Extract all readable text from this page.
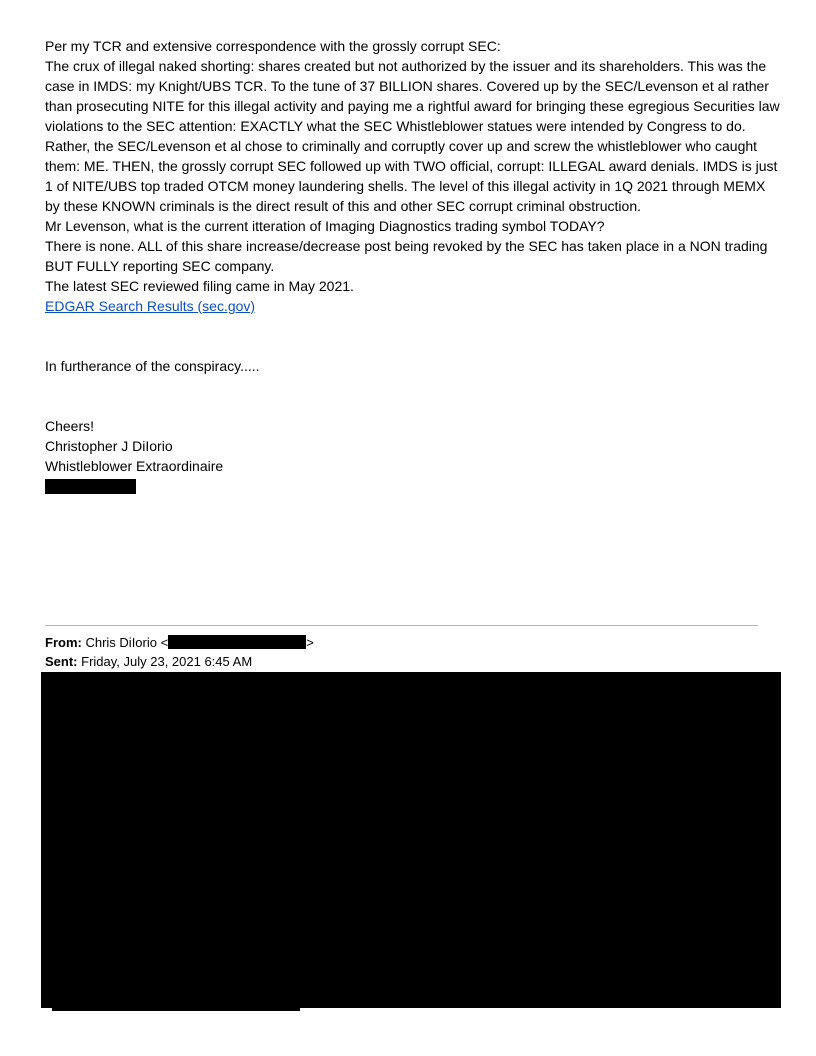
Per my TCR and extensive correspondence with the grossly corrupt SEC:

The crux of illegal naked shorting: shares created but not authorized by the issuer and its shareholders. This was the case in IMDS: my Knight/UBS TCR. To the tune of 37 BILLION shares. Covered up by the SEC/Levenson et al rather than prosecuting NITE for this illegal activity and paying me a rightful award for bringing these egregious Securities law violations to the SEC attention: EXACTLY what the SEC Whistleblower statues were intended by Congress to do.

Rather, the SEC/Levenson et al chose to criminally and corruptly cover up and screw the whistleblower who caught them: ME. THEN, the grossly corrupt SEC followed up with TWO official, corrupt: ILLEGAL award denials. IMDS is just 1 of NITE/UBS top traded OTCM money laundering shells. The level of this illegal activity in 1Q 2021 through MEMX by these KNOWN criminals is the direct result of this and other SEC corrupt criminal obstruction.

Mr Levenson, what is the current itteration of Imaging Diagnostics trading symbol TODAY?

There is none. ALL of this share increase/decrease post being revoked by the SEC has taken place in a NON trading BUT FULLY reporting SEC company.

The latest SEC reviewed filing came in May 2021.

EDGAR Search Results (sec.gov)

In furtherance of the conspiracy.....

Cheers!

Christopher J DiIorio

Whistleblower Extraordinaire

From: Chris DiIorio <	>
Sent: Friday, July 23, 2021 6:45 AM
